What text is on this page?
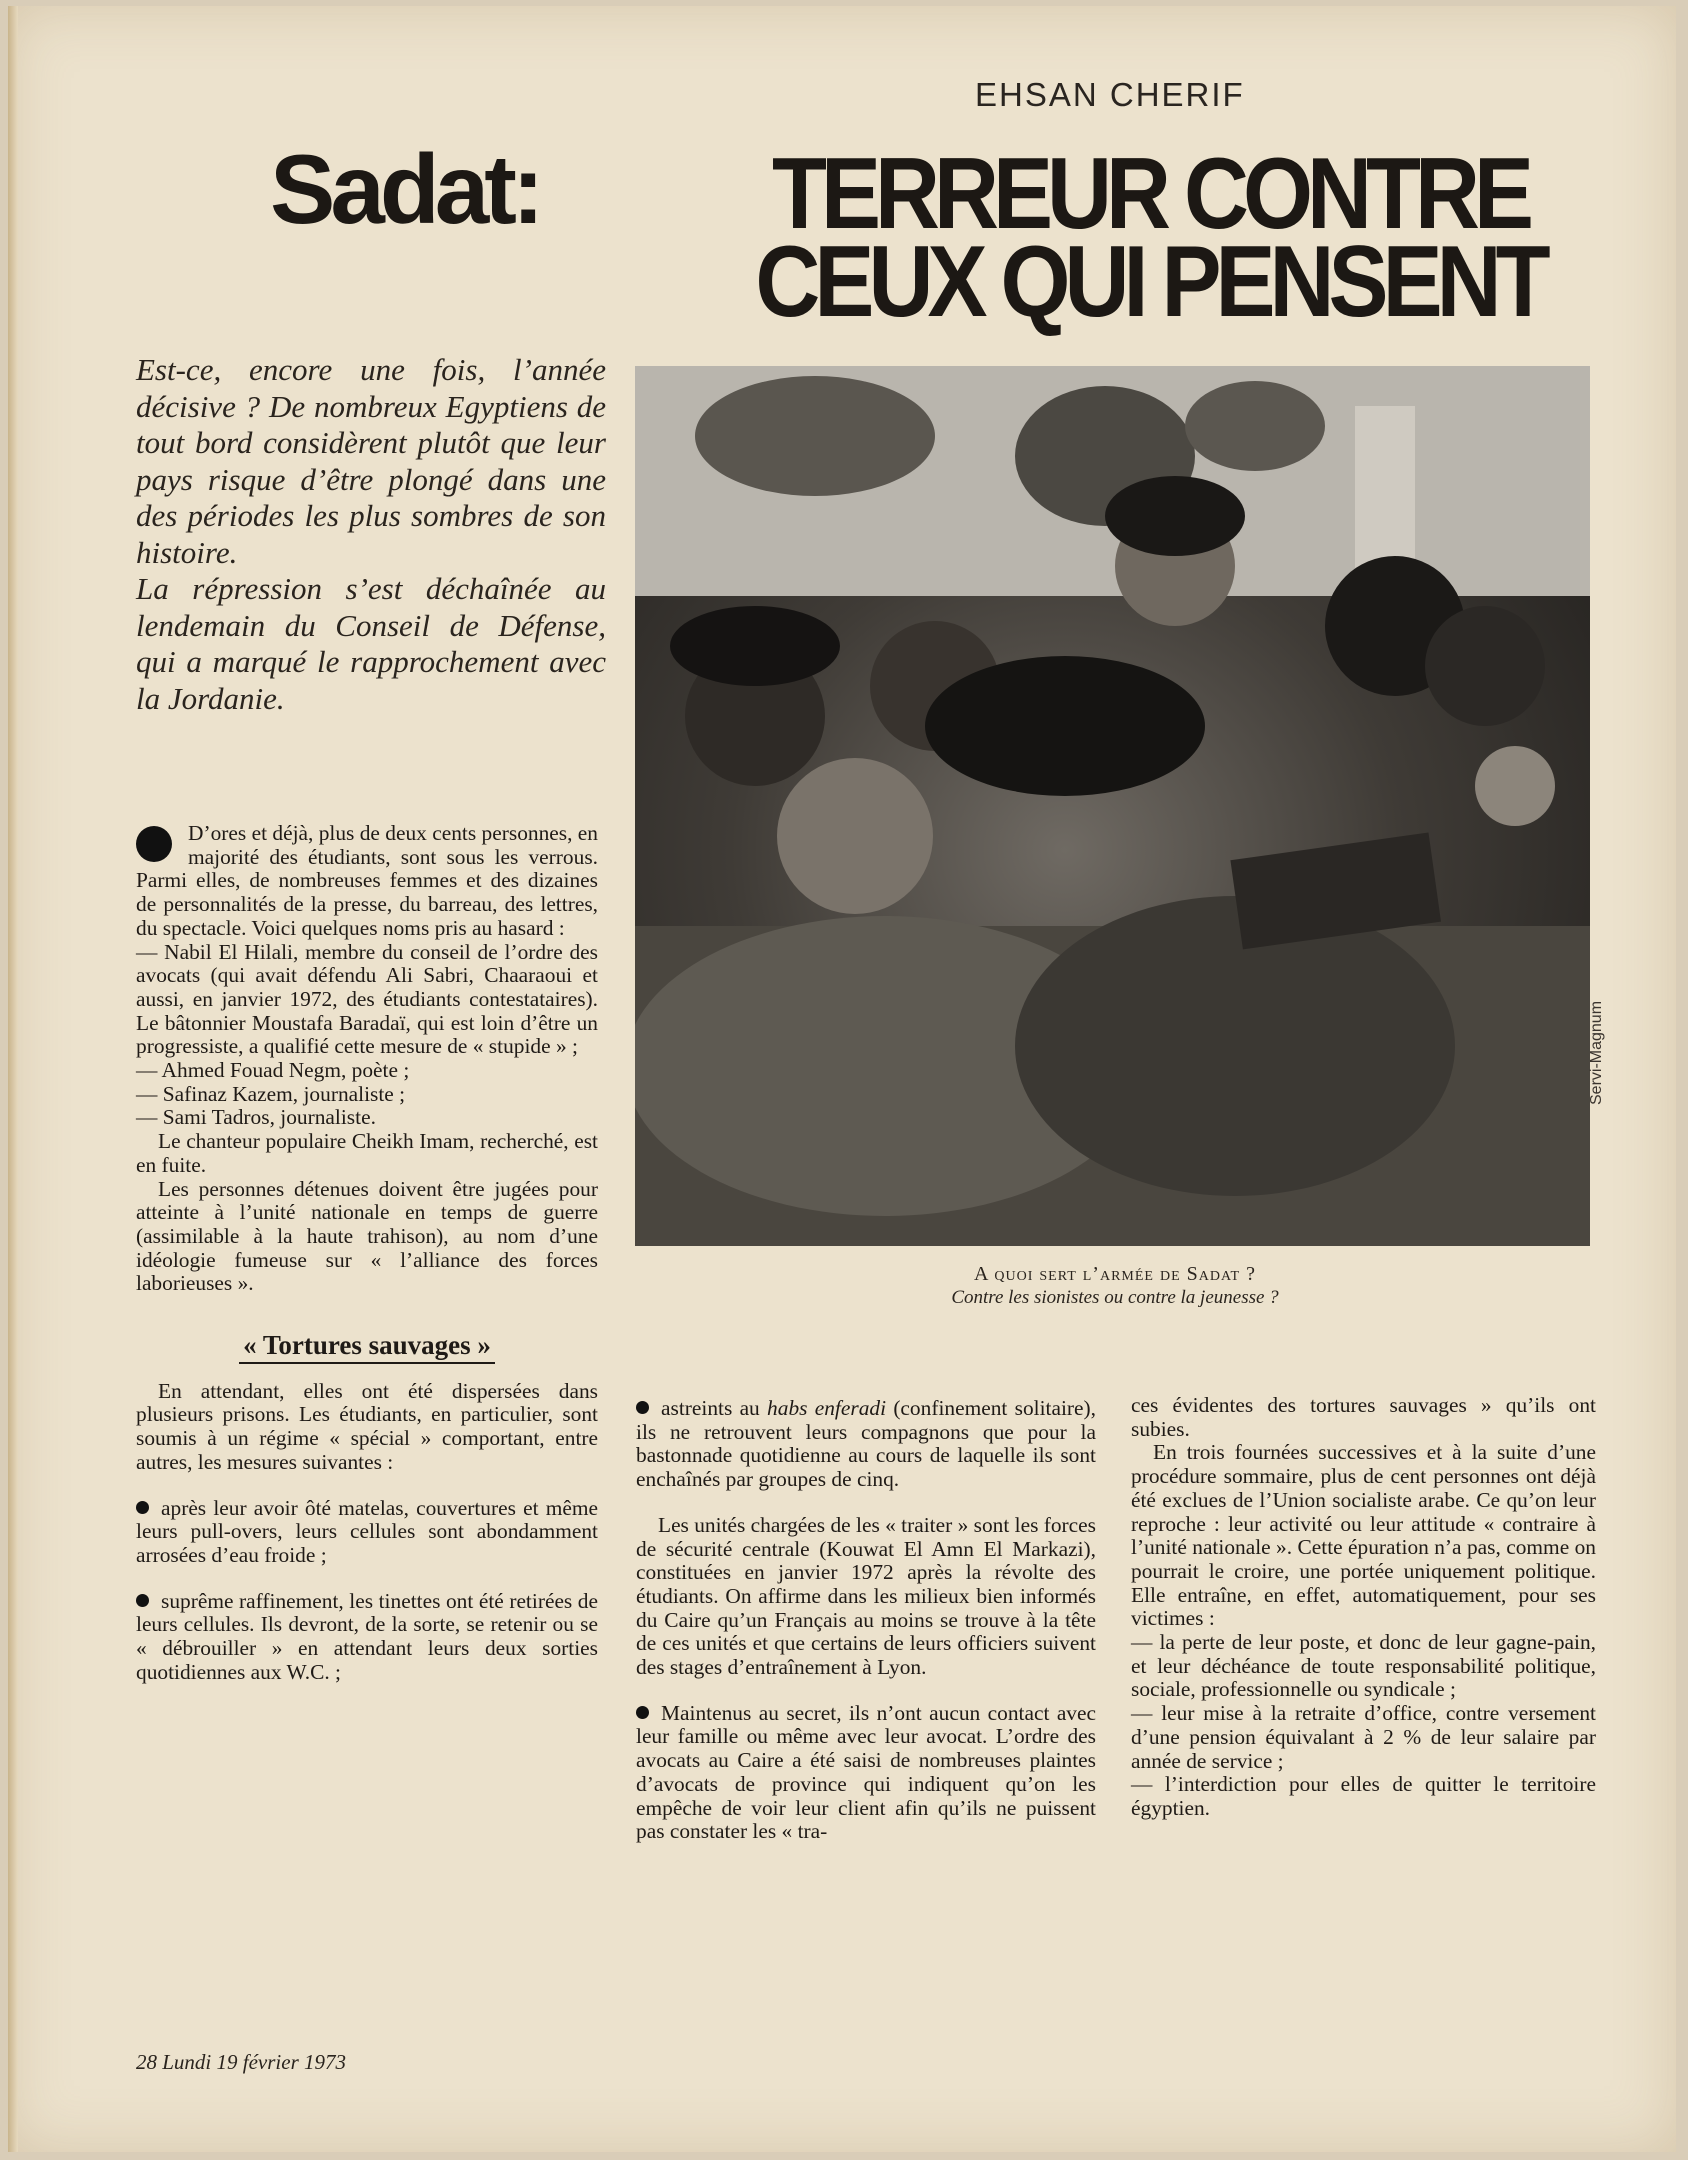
EHSAN CHERIF
Sadat:	TERREUR CONTRE
CEUX QUI PENSENT

Est-ce, encore une fois, l’année décisive ? De nombreux Egyptiens de tout bord considèrent plutôt que leur pays risque d’être plongé dans une des périodes les plus sombres de son histoire.

La répression s’est déchaînée au lendemain du Conseil de Défense, qui a marqué le rapprochement avec la Jordanie.

A quoi sert l’armée de Sadat ?
Contre les sionistes ou contre la jeunesse ?

D’ores et déjà, plus de deux cents personnes, en majorité des étudiants, sont sous les verrous. Parmi elles, de nombreuses femmes et des dizaines de personnalités de la presse, du barreau, des lettres, du spectacle. Voici quelques noms pris au hasard :

— Nabil El Hilali, membre du conseil de l’ordre des avocats (qui avait défendu Ali Sabri, Chaaraoui et aussi, en janvier 1972, des étudiants contestataires). Le bâtonnier Moustafa Baradaï, qui est loin d’être un progressiste, a qualifié cette mesure de « stupide » ;

— Ahmed Fouad Negm, poète ;

— Safinaz Kazem, journaliste ;

— Sami Tadros, journaliste.

Le chanteur populaire Cheikh Imam, recherché, est en fuite.

Les personnes détenues doivent être jugées pour atteinte à l’unité nationale en temps de guerre (assimilable à la haute trahison), au nom d’une idéologie fumeuse sur « l’alliance des forces laborieuses ».

« Tortures sauvages »

En attendant, elles ont été dispersées dans plusieurs prisons. Les étudiants, en particulier, sont soumis à un régime « spécial » comportant, entre autres, les mesures suivantes :

après leur avoir ôté matelas, couvertures et même leurs pull-overs, leurs cellules sont abondamment arrosées d’eau froide ;

suprême raffinement, les tinettes ont été retirées de leurs cellules. Ils devront, de la sorte, se retenir ou se « débrouiller » en attendant leurs deux sorties quotidiennes aux W.C. ;

astreints au habs enferadi (confinement solitaire), ils ne retrouvent leurs compagnons que pour la bastonnade quotidienne au cours de laquelle ils sont enchaînés par groupes de cinq.

Les unités chargées de les « traiter » sont les forces de sécurité centrale (Kouwat El Amn El Markazi), constituées en janvier 1972 après la révolte des étudiants. On affirme dans les milieux bien informés du Caire qu’un Français au moins se trouve à la tête de ces unités et que certains de leurs officiers suivent des stages d’entraînement à Lyon.

Maintenus au secret, ils n’ont aucun contact avec leur famille ou même avec leur avocat. L’ordre des avocats au Caire a été saisi de nombreuses plaintes d’avocats de province qui indiquent qu’on les empêche de voir leur client afin qu’ils ne puissent pas constater les « tra-

ces évidentes des tortures sauvages » qu’ils ont subies.

En trois fournées successives et à la suite d’une procédure sommaire, plus de cent personnes ont déjà été exclues de l’Union socialiste arabe. Ce qu’on leur reproche : leur activité ou leur attitude « contraire à l’unité nationale ». Cette épuration n’a pas, comme on pourrait le croire, une portée uniquement politique. Elle entraîne, en effet, automatiquement, pour ses victimes :

— la perte de leur poste, et donc de leur gagne-pain, et leur déchéance de toute responsabilité politique, sociale, professionnelle ou syndicale ;

— leur mise à la retraite d’office, contre versement d’une pension équivalant à 2 % de leur salaire par année de service ;

— l’interdiction pour elles de quitter le territoire égyptien.

28 Lundi 19 février 1973
